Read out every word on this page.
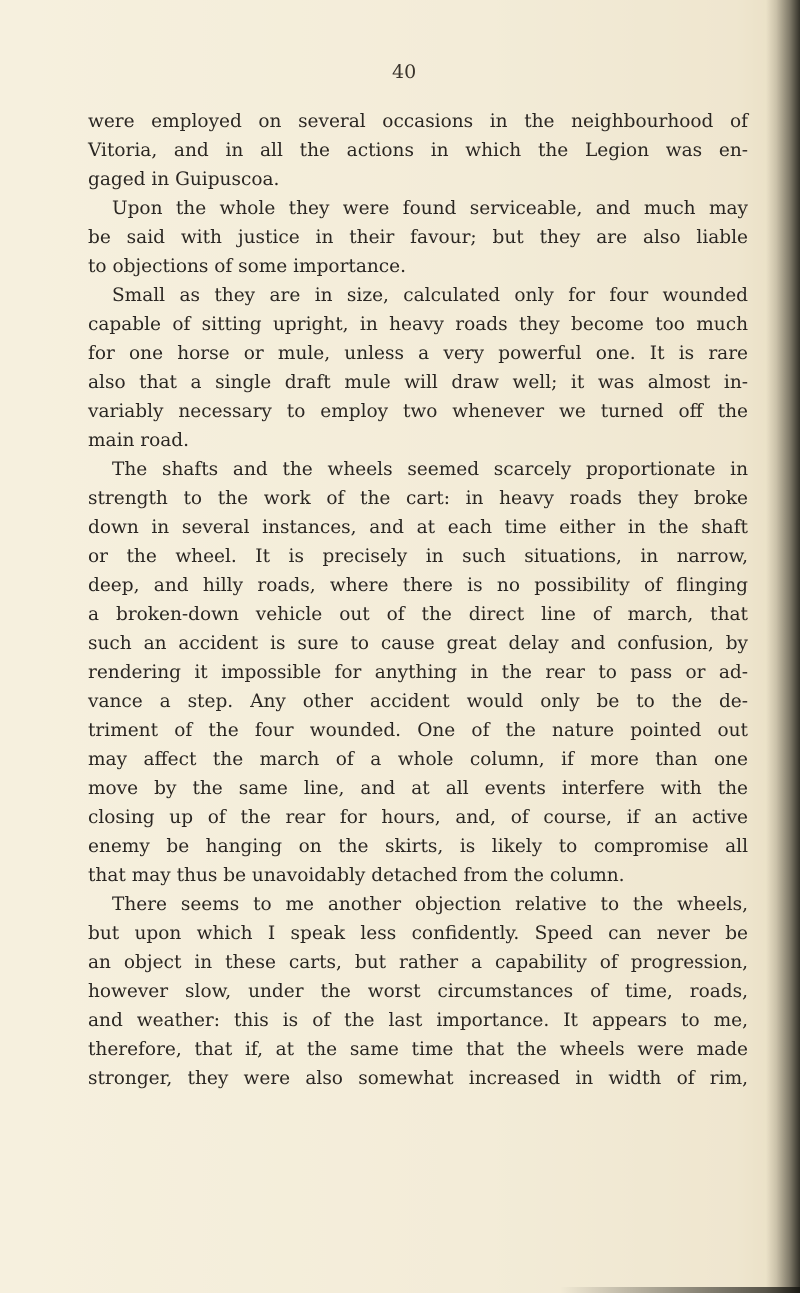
40
were employed on several occasions in the neighbourhood of
Vitoria, and in all the actions in which the Legion was en-
gaged in Guipuscoa.
Upon the whole they were found serviceable, and much may
be said with justice in their favour; but they are also liable
to objections of some importance.
Small as they are in size, calculated only for four wounded
capable of sitting upright, in heavy roads they become too much
for one horse or mule, unless a very powerful one. It is rare
also that a single draft mule will draw well; it was almost in-
variably necessary to employ two whenever we turned off the
main road.
The shafts and the wheels seemed scarcely proportionate in
strength to the work of the cart: in heavy roads they broke
down in several instances, and at each time either in the shaft
or the wheel. It is precisely in such situations, in narrow,
deep, and hilly roads, where there is no possibility of flinging
a broken-down vehicle out of the direct line of march, that
such an accident is sure to cause great delay and confusion, by
rendering it impossible for anything in the rear to pass or ad-
vance a step. Any other accident would only be to the de-
triment of the four wounded. One of the nature pointed out
may affect the march of a whole column, if more than one
move by the same line, and at all events interfere with the
closing up of the rear for hours, and, of course, if an active
enemy be hanging on the skirts, is likely to compromise all
that may thus be unavoidably detached from the column.
There seems to me another objection relative to the wheels,
but upon which I speak less confidently. Speed can never be
an object in these carts, but rather a capability of progression,
however slow, under the worst circumstances of time, roads,
and weather: this is of the last importance. It appears to me,
therefore, that if, at the same time that the wheels were made
stronger, they were also somewhat increased in width of rim,
